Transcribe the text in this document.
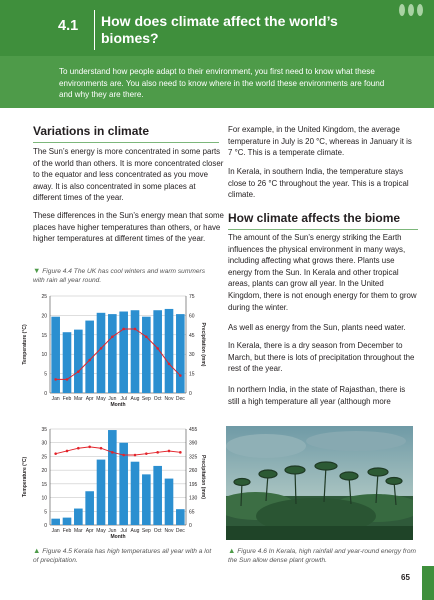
4.1 How does climate affect the world’s biomes?
To understand how people adapt to their environment, you first need to know what these environments are. You also need to know where in the world these environments are found and why they are there.
Variations in climate

The Sun’s energy is more concentrated in some parts of the world than others. It is more concentrated closer to the equator and less concentrated as you move away. It is also concentrated in some places at different times of the year.

These differences in the Sun’s energy mean that some places have higher temperatures than others, or have higher temperatures at different times of the year.

▼ Figure 4.4 The UK has cool winters and warm summers with rain all year round.
0
5
10
15
20
25
0
15
30
45
60
75
Jan Feb Mar Apr May Jun Jul Aug Sep Oct Nov Dec
Month
Temperature (°C)	Precipitation (mm)
0
5
10
15
20
25
30
35
0
65
130
195
260
325
390
455
Jan Feb Mar Apr May Jun Jul Aug Sep Oct Nov Dec
Month
Temperature (°C)	Precipitation (mm)
▲ Figure 4.5 Kerala has high temperatures all year with a lot of precipitation.

For example, in the United Kingdom, the average temperature in July is 20 °C, whereas in January it is 7 °C. This is a temperate climate.

In Kerala, in southern India, the temperature stays close to 26 °C throughout the year. This is a tropical climate.

How climate affects the biome

The amount of the Sun’s energy striking the Earth influences the physical environment in many ways, including affecting what grows there. Plants use energy from the Sun. In Kerala and other tropical areas, plants can grow all year. In the United Kingdom, there is not enough energy for them to grow during the winter.

As well as energy from the Sun, plants need water.

In Kerala, there is a dry season from December to March, but there is lots of precipitation throughout the rest of the year.

In northern India, in the state of Rajasthan, there is still a high temperature all year (although more

▲ Figure 4.6 In Kerala, high rainfall and year-round energy from the Sun allow dense plant growth.
65
